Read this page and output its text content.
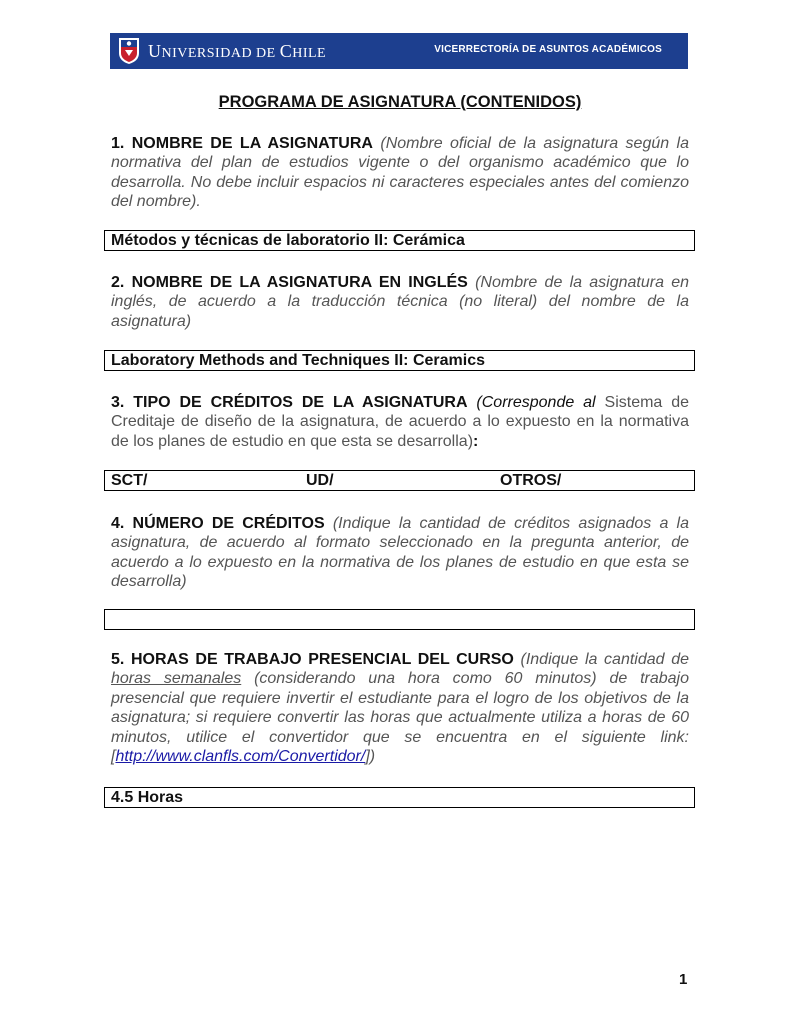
UNIVERSIDAD DE CHILE	VICERRECTORÍA DE ASUNTOS ACADÉMICOS
PROGRAMA DE ASIGNATURA (CONTENIDOS)
1. NOMBRE DE LA ASIGNATURA (Nombre oficial de la asignatura según la normativa del plan de estudios vigente o del organismo académico que lo desarrolla. No debe incluir espacios ni caracteres especiales antes del comienzo del nombre).
Métodos y técnicas de laboratorio II: Cerámica
2. NOMBRE DE LA ASIGNATURA EN INGLÉS (Nombre de la asignatura en inglés, de acuerdo a la traducción técnica (no literal) del nombre de la asignatura)
Laboratory Methods and Techniques II: Ceramics
3. TIPO DE CRÉDITOS DE LA ASIGNATURA (Corresponde al Sistema de Creditaje de diseño de la asignatura, de acuerdo a lo expuesto en la normativa de los planes de estudio en que esta se desarrolla):
SCT/	UD/	OTROS/
4. NÚMERO DE CRÉDITOS (Indique la cantidad de créditos asignados a la asignatura, de acuerdo al formato seleccionado en la pregunta anterior, de acuerdo a lo expuesto en la normativa de los planes de estudio en que esta se desarrolla)
5. HORAS DE TRABAJO PRESENCIAL DEL CURSO (Indique la cantidad de horas semanales (considerando una hora como 60 minutos) de trabajo presencial que requiere invertir el estudiante para el logro de los objetivos de la asignatura; si requiere convertir las horas que actualmente utiliza a horas de 60 minutos, utilice el convertidor que se encuentra en el siguiente link: [http://www.clanfls.com/Convertidor/])
4.5 Horas
1
